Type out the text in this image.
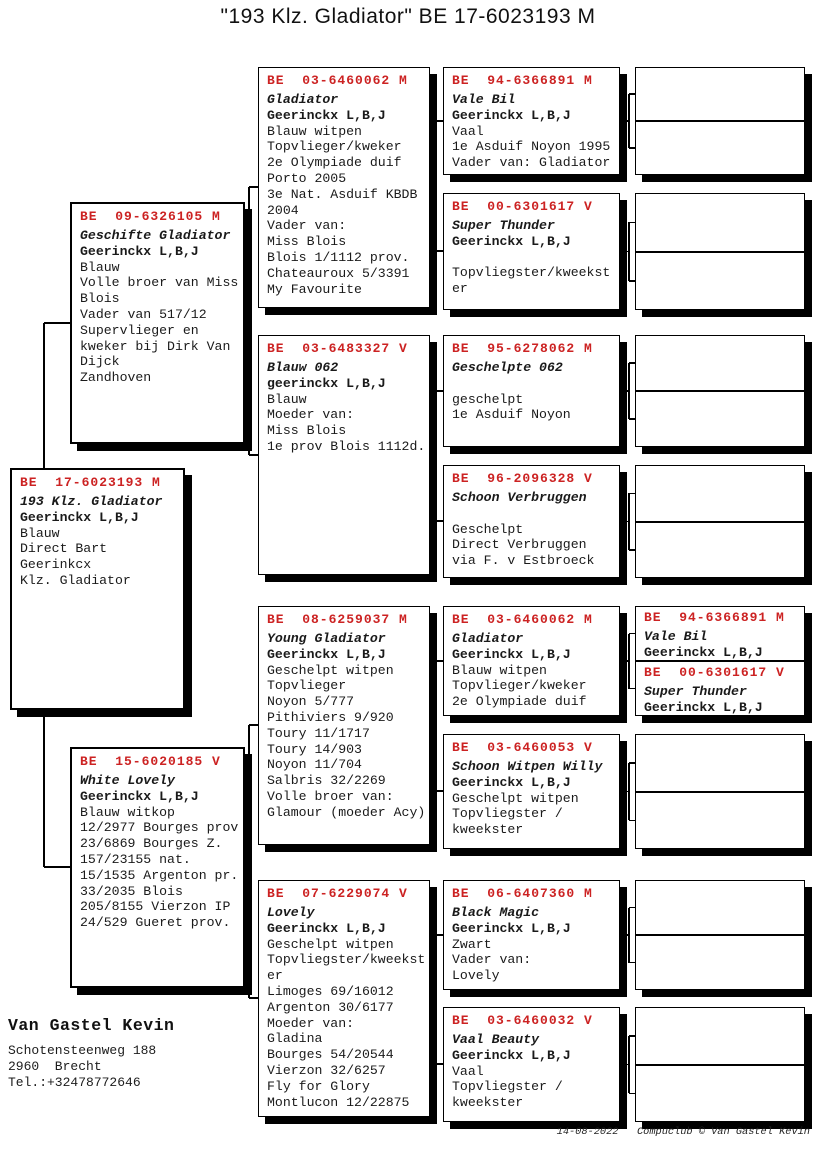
"193 Klz. Gladiator" BE 17-6023193 M
BE  09-6326105 M
Geschifte Gladiator
Geerinckx L,B,J
Blauw
Volle broer van Miss
Blois
Vader van 517/12
Supervlieger en
kweker bij Dirk Van
Dijck
Zandhoven
BE  17-6023193 M
193 Klz. Gladiator
Geerinckx L,B,J
Blauw
Direct Bart
Geerinkcx
Klz. Gladiator
BE  15-6020185 V
White Lovely
Geerinckx L,B,J
Blauw witkop
12/2977 Bourges prov
23/6869 Bourges Z.
157/23155 nat.
15/1535 Argenton pr.
33/2035 Blois
205/8155 Vierzon IP
24/529 Gueret prov.
BE  03-6460062 M
Gladiator
Geerinckx L,B,J
Blauw witpen
Topvlieger/kweker
2e Olympiade duif
Porto 2005
3e Nat. Asduif KBDB
2004
Vader van:
Miss Blois
Blois 1/1112 prov.
Chateauroux 5/3391
My Favourite
BE  03-6483327 V
Blauw 062
geerinckx L,B,J
Blauw
Moeder van:
Miss Blois
1e prov Blois 1112d.
BE  08-6259037 M
Young Gladiator
Geerinckx L,B,J
Geschelpt witpen
Topvlieger
Noyon 5/777
Pithiviers 9/920
Toury 11/1717
Toury 14/903
Noyon 11/704
Salbris 32/2269
Volle broer van:
Glamour (moeder Acy)
BE  07-6229074 V
Lovely
Geerinckx L,B,J
Geschelpt witpen
Topvliegster/kweekst
er
Limoges 69/16012
Argenton 30/6177
Moeder van:
Gladina
Bourges 54/20544
Vierzon 32/6257
Fly for Glory
Montlucon 12/22875
BE  94-6366891 M
Vale Bil
Geerinckx L,B,J
Vaal
1e Asduif Noyon 1995
Vader van: Gladiator
BE  00-6301617 V
Super Thunder
Geerinckx L,B,J
Topvliegster/kweekst
er
BE  95-6278062 M
Geschelpte 062
geschelpt
1e Asduif Noyon
BE  96-2096328 V
Schoon Verbruggen
Geschelpt
Direct Verbruggen
via F. v Estbroeck
BE  03-6460062 M
Gladiator
Geerinckx L,B,J
Blauw witpen
Topvlieger/kweker
2e Olympiade duif
BE  03-6460053 V
Schoon Witpen Willy
Geerinckx L,B,J
Geschelpt witpen
Topvliegster /
kweekster
BE  06-6407360 M
Black Magic
Geerinckx L,B,J
Zwart
Vader van:
Lovely
BE  03-6460032 V
Vaal Beauty
Geerinckx L,B,J
Vaal
Topvliegster /
kweekster
BE  94-6366891 M
Vale Bil
Geerinckx L,B,J
BE  00-6301617 V
Super Thunder
Geerinckx L,B,J
Van Gastel Kevin
Schotensteenweg 188
2960  Brecht
Tel.:+32478772646
14-08-2022   Compuclub © Van Gastel Kevin
